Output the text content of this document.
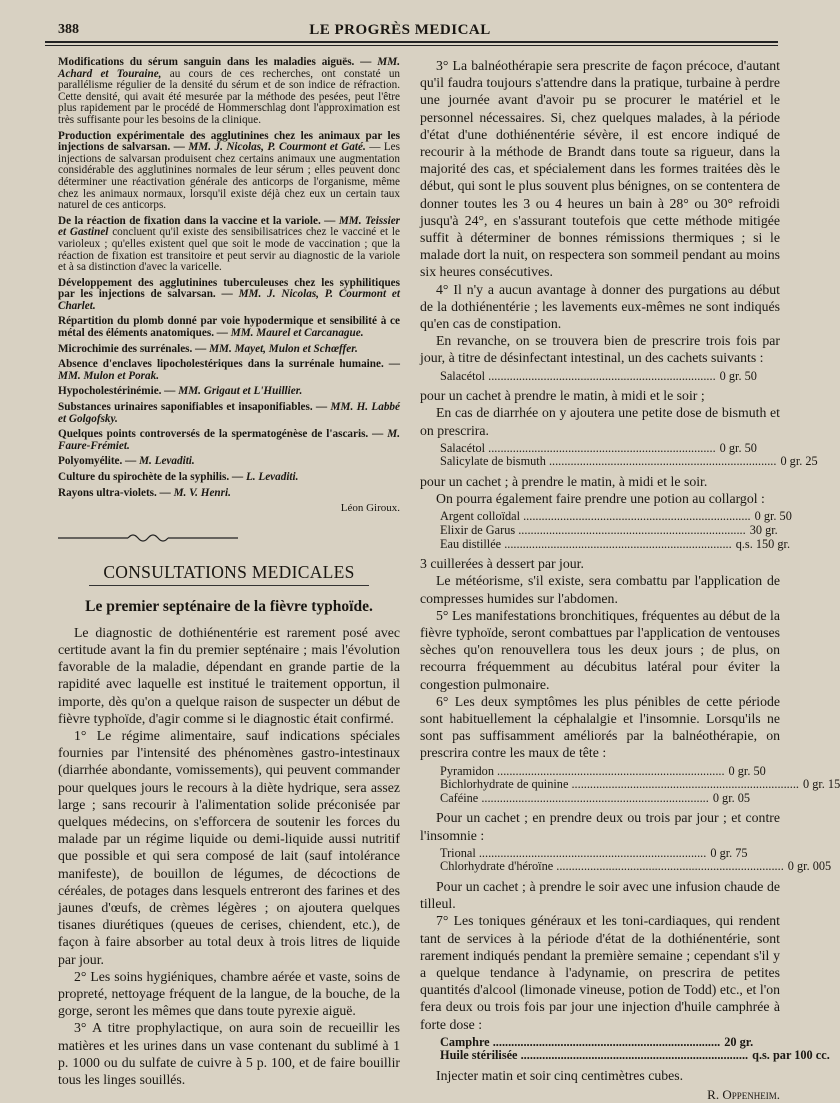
388	LE PROGRÈS MEDICAL

Modifications du sérum sanguin dans les maladies aiguës. — MM. Achard et Touraine, au cours de ces recherches, ont constaté un parallélisme régulier de la densité du sérum et de son indice de réfraction. Cette densité, qui avait été mesurée par la méthode des pesées, peut l'être plus rapidement par le procédé de Hommerschlag dont l'approximation est très suffisante pour les besoins de la clinique.

Production expérimentale des agglutinines chez les animaux par les injections de salvarsan. — MM. J. Nicolas, P. Courmont et Gaté. — Les injections de salvarsan produisent chez certains animaux une augmentation considérable des agglutinines normales de leur sérum ; elles peuvent donc déterminer une réactivation générale des anticorps de l'organisme, même chez les animaux normaux, lorsqu'il existe déjà chez eux un certain taux naturel de ces anticorps.

De la réaction de fixation dans la vaccine et la variole. — MM. Teissier et Gastinel concluent qu'il existe des sensibilisatrices chez le vacciné et le varioleux ; qu'elles existent quel que soit le mode de vaccination ; que la réaction de fixation est transitoire et peut servir au diagnostic de la variole et à sa distinction d'avec la varicelle.

Développement des agglutinines tuberculeuses chez les syphilitiques par les injections de salvarsan. — MM. J. Nicolas, P. Courmont et Charlet.

Répartition du plomb donné par voie hypodermique et sensibilité à ce métal des éléments anatomiques. — MM. Maurel et Carcanague.

Microchimie des surrénales. — MM. Mayet, Mulon et Schœffer.

Absence d'enclaves lipocholestériques dans la surrénale humaine. — MM. Mulon et Porak.

Hypocholestérinémie. — MM. Grigaut et L'Huillier.

Substances urinaires saponifiables et insaponifiables. — MM. H. Labbé et Golgofsky.

Quelques points controversés de la spermatogénèse de l'ascaris. — M. Faure-Frémiet.

Polyomyélite. — M. Levaditi.

Culture du spirochète de la syphilis. — L. Levaditi.

Rayons ultra-violets. — M. V. Henri.

Léon Giroux.
CONSULTATIONS MEDICALES
Le premier septénaire de la fièvre typhoïde.

Le diagnostic de dothiénentérie est rarement posé avec certitude avant la fin du premier septénaire ; mais l'évolution favorable de la maladie, dépendant en grande partie de la rapidité avec laquelle est institué le traitement opportun, il importe, dès qu'on a quelque raison de suspecter un début de fièvre typhoïde, d'agir comme si le diagnostic était confirmé.

1° Le régime alimentaire, sauf indications spéciales fournies par l'intensité des phénomènes gastro-intestinaux (diarrhée abondante, vomissements), qui peuvent commander pour quelques jours le recours à la diète hydrique, sera assez large ; sans recourir à l'alimentation solide préconisée par quelques médecins, on s'efforcera de soutenir les forces du malade par un régime liquide ou demi-liquide aussi nutritif que possible et qui sera composé de lait (sauf intolérance manifeste), de bouillon de légumes, de décoctions de céréales, de potages dans lesquels entreront des farines et des jaunes d'œufs, de crèmes légères ; on ajoutera quelques tisanes diurétiques (queues de cerises, chiendent, etc.), de façon à faire absorber au total deux à trois litres de liquide par jour.

2° Les soins hygiéniques, chambre aérée et vaste, soins de propreté, nettoyage fréquent de la langue, de la bouche, de la gorge, seront les mêmes que dans toute pyrexie aiguë.

3° A titre prophylactique, on aura soin de recueillir les matières et les urines dans un vase contenant du sublimé à 1 p. 1000 ou du sulfate de cuivre à 5 p. 100, et de faire bouillir tous les linges souillés.

3° La balnéothérapie sera prescrite de façon précoce, d'autant qu'il faudra toujours s'attendre dans la pratique, turbaine à perdre une journée avant d'avoir pu se procurer le matériel et le personnel nécessaires. Si, chez quelques malades, à la période d'état d'une dothiénentérie sévère, il est encore indiqué de recourir à la méthode de Brandt dans toute sa rigueur, dans la majorité des cas, et spécialement dans les formes traitées dès le début, qui sont le plus souvent plus bénignes, on se contentera de donner toutes les 3 ou 4 heures un bain à 28° ou 30° refroidi jusqu'à 24°, en s'assurant toutefois que cette méthode mitigée suffit à déterminer de bonnes rémissions thermiques ; si le malade dort la nuit, on respectera son sommeil pendant au moins six heures consécutives.

4° Il n'y a aucun avantage à donner des purgations au début de la dothiénentérie ; les lavements eux-mêmes ne sont indiqués qu'en cas de constipation.

En revanche, on se trouvera bien de prescrire trois fois par jour, à titre de désinfectant intestinal, un des cachets suivants :

Salacétol .....	0 gr. 50

pour un cachet à prendre le matin, à midi et le soir ;

En cas de diarrhée on y ajoutera une petite dose de bismuth et on prescrira.

Salacétol .....	0 gr. 50
Salicylate de bismuth .....	0 gr. 25

pour un cachet ; à prendre le matin, à midi et le soir.

On pourra également faire prendre une potion au collargol :

Argent colloïdal .....	0 gr. 50
Elixir de Garus .....	30 gr.
Eau distillée .....	q.s. 150 gr.

3 cuillerées à dessert par jour.

Le météorisme, s'il existe, sera combattu par l'application de compresses humides sur l'abdomen.

5° Les manifestations bronchitiques, fréquentes au début de la fièvre typhoïde, seront combattues par l'application de ventouses sèches qu'on renouvellera tous les deux jours ; de plus, on recourra fréquemment au décubitus latéral pour éviter la congestion pulmonaire.

6° Les deux symptômes les plus pénibles de cette période sont habituellement la céphalalgie et l'insomnie. Lorsqu'ils ne sont pas suffisamment améliorés par la balnéothérapie, on prescrira contre les maux de tête :

Pyramidon .....	0 gr. 50
Bichlorhydrate de quinine .....	0 gr. 15
Caféine .....	0 gr. 05

Pour un cachet ; en prendre deux ou trois par jour ; et contre l'insomnie :

Trional .....	0 gr. 75
Chlorhydrate d'héroïne .....	0 gr. 005

Pour un cachet ; à prendre le soir avec une infusion chaude de tilleul.

7° Les toniques généraux et les toni-cardiaques, qui rendent tant de services à la période d'état de la dothiénentérie, sont rarement indiqués pendant la première semaine ; cependant s'il y a quelque tendance à l'adynamie, on prescrira de petites quantités d'alcool (limonade vineuse, potion de Todd) etc., et l'on fera deux ou trois fois par jour une injection d'huile camphrée à forte dose :

Camphre .....	20 gr.
Huile stérilisée .....	q.s. par 100 cc.

Injecter matin et soir cinq centimètres cubes.

R. Oppenheim.
